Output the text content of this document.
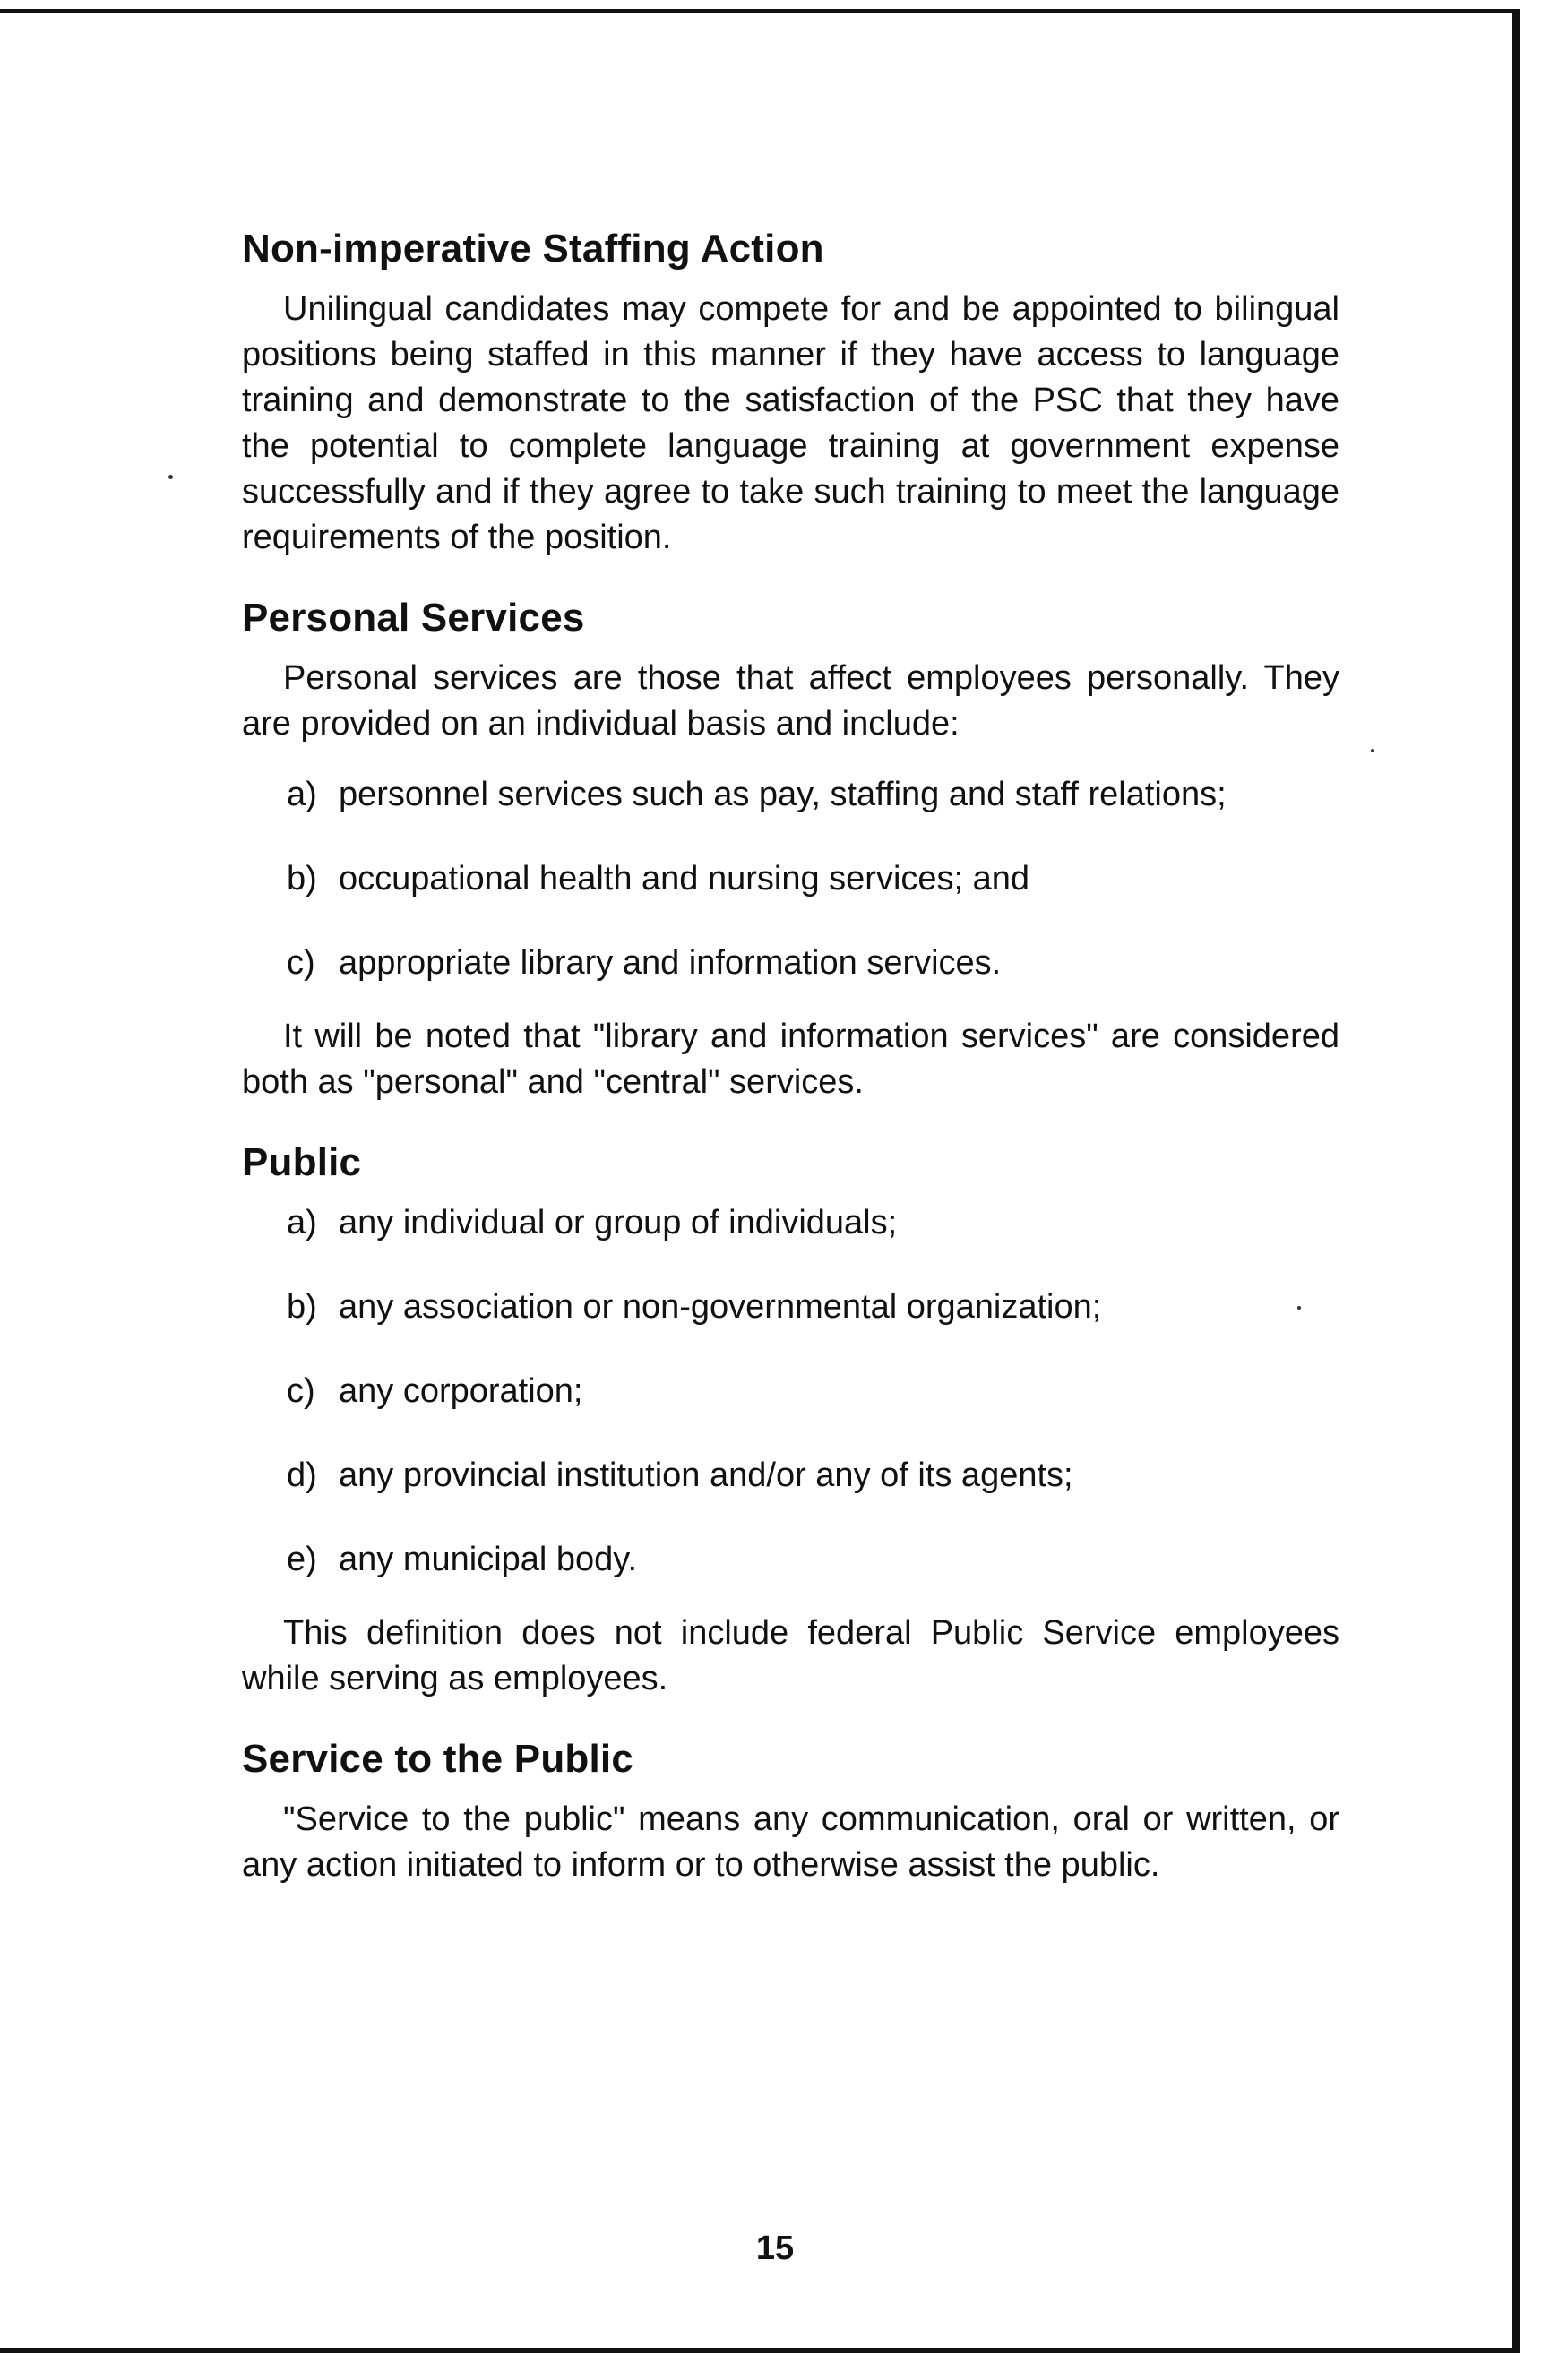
Non-imperative Staffing Action

Unilingual candidates may compete for and be appointed to bilingual positions being staffed in this manner if they have access to language training and demonstrate to the satisfaction of the PSC that they have the potential to complete language training at government expense successfully and if they agree to take such training to meet the language requirements of the position.

Personal Services

Personal services are those that affect employees personally. They are provided on an individual basis and include:

a) personnel services such as pay, staffing and staff relations;
b) occupational health and nursing services; and
c) appropriate library and information services.

It will be noted that "library and information services" are considered both as "personal" and "central" services.

Public
a) any individual or group of individuals;
b) any association or non-governmental organization;
c) any corporation;
d) any provincial institution and/or any of its agents;
e) any municipal body.

This definition does not include federal Public Service employees while serving as employees.

Service to the Public

"Service to the public" means any communication, oral or written, or any action initiated to inform or to otherwise assist the public.

15
